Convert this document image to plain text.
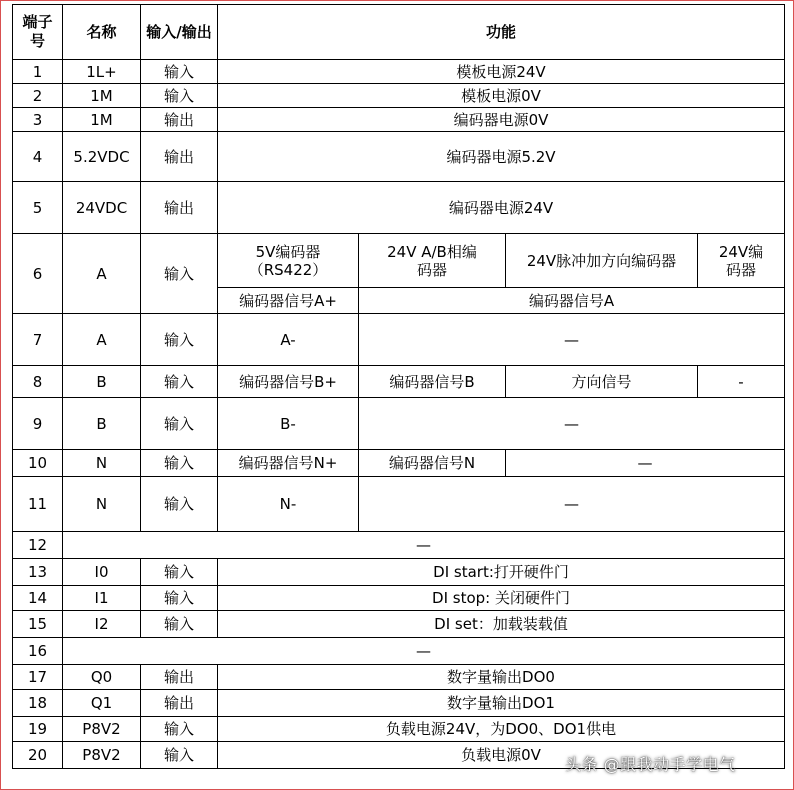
端子号	名称	输入/输出	功能			
1	1L+	输入	模板电源24V			
2	1M	输入	模板电源0V			
3	1M	输出	编码器电源0V			
4	5.2VDC	输出	编码器电源5.2V			
5	24VDC	输出	编码器电源24V			
6	A	输入	5V编码器（RS422）	24V A/B相编码器	24V脉冲加方向编码器	24V编码器
			编码器信号A+	编码器信号A		
7	A	输入	A-	—		
8	B	输入	编码器信号B+	编码器信号B	方向信号	-
9	B	输入	B-	—		
10	N	输入	编码器信号N+	编码器信号N	—	
11	N	输入	N-	—		
12	—					
13	I0	输入	DI start:打开硬件门			
14	I1	输入	DI stop: 关闭硬件门			
15	I2	输入	DI set：加载装载值			
16	—					
17	Q0	输出	数字量输出DO0			
18	Q1	输出	数字量输出DO1			
19	P8V2	输入	负载电源24V，为DO0、DO1供电			
20	P8V2	输入	负载电源0V			头条 @跟我动手学电气
